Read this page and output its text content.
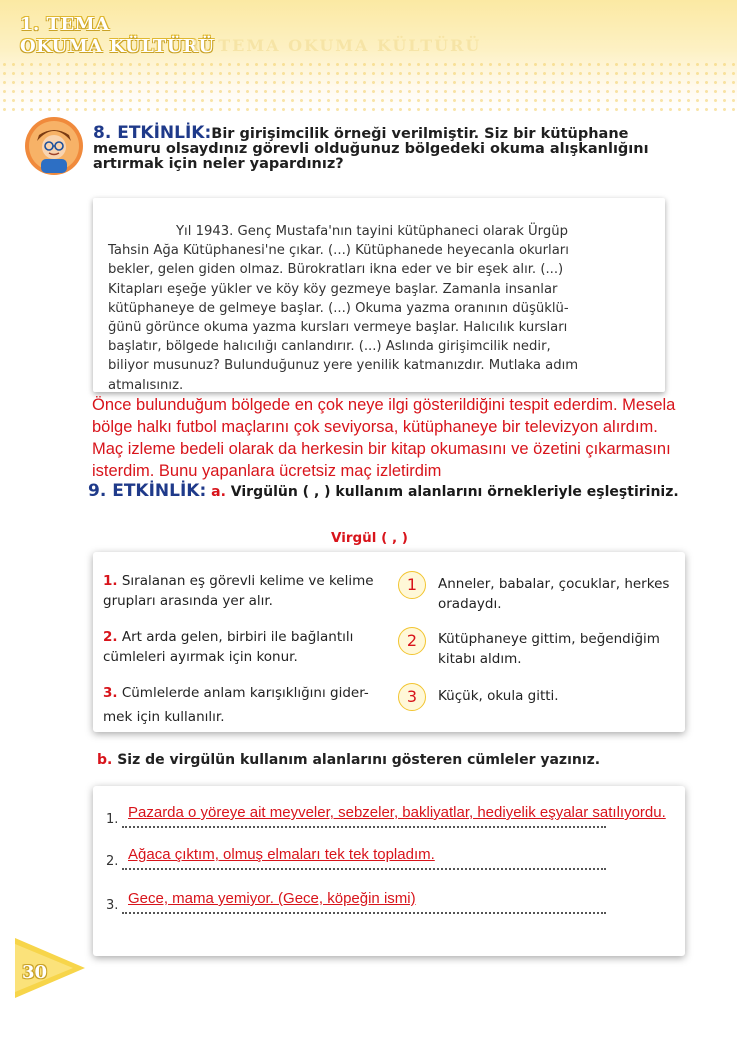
1. TEMA
OKUMA KÜLTÜRÜ
1. TEMA OKUMA KÜLTÜRÜ
8. ETKİNLİK:Bir girişimcilik örneği verilmiştir. Siz bir kütüphane memuru olsaydınız görevli olduğunuz bölgedeki okuma alışkanlığını artırmak için neler yapardınız?
Yıl 1943. Genç Mustafa'nın tayini kütüphaneci olarak Ürgüp
Tahsin Ağa Kütüphanesi'ne çıkar. (...) Kütüphanede heyecanla okurları
bekler, gelen giden olmaz. Bürokratları ikna eder ve bir eşek alır. (...)
Kitapları eşeğe yükler ve köy köy gezmeye başlar. Zamanla insanlar
kütüphaneye de gelmeye başlar. (...) Okuma yazma oranının düşüklü-
ğünü görünce okuma yazma kursları vermeye başlar. Halıcılık kursları
başlatır, bölgede halıcılığı canlandırır. (...) Aslında girişimcilik nedir,
biliyor musunuz? Bulunduğunuz yere yenilik katmanızdır. Mutlaka adım
atmalısınız.
Önce bulunduğum bölgede en çok neye ilgi gösterildiğini tespit ederdim. Mesela
bölge halkı futbol maçlarını çok seviyorsa, kütüphaneye bir televizyon alırdım.
Maç izleme bedeli olarak da herkesin bir kitap okumasını ve özetini çıkarmasını
isterdim. Bunu yapanlara ücretsiz maç izletirdim
9. ETKİNLİK: a. Virgülün ( , ) kullanım alanlarını örnekleriyle eşleştiriniz.
Virgül ( , )
1. Sıralanan eş görevli kelime ve kelime grupları arasında yer alır.
2. Art arda gelen, birbiri ile bağlantılı cümleleri ayırmak için konur.
3. Cümlelerde anlam karışıklığını gider- mek için kullanılır.
1
2
3
Anneler, babalar, çocuklar, herkes oradaydı.
Kütüphaneye gittim, beğendiğim kitabı aldım.
Küçük, okula gitti.
b. Siz de virgülün kullanım alanlarını gösteren cümleler yazınız.
1. Pazarda o yöreye ait meyveler, sebzeler, bakliyatlar, hediyelik eşyalar satılıyordu.
2. Ağaca çıktım, olmuş elmaları tek tek topladım.
3. Gece, mama yemiyor. (Gece, köpeğin ismi)
30
